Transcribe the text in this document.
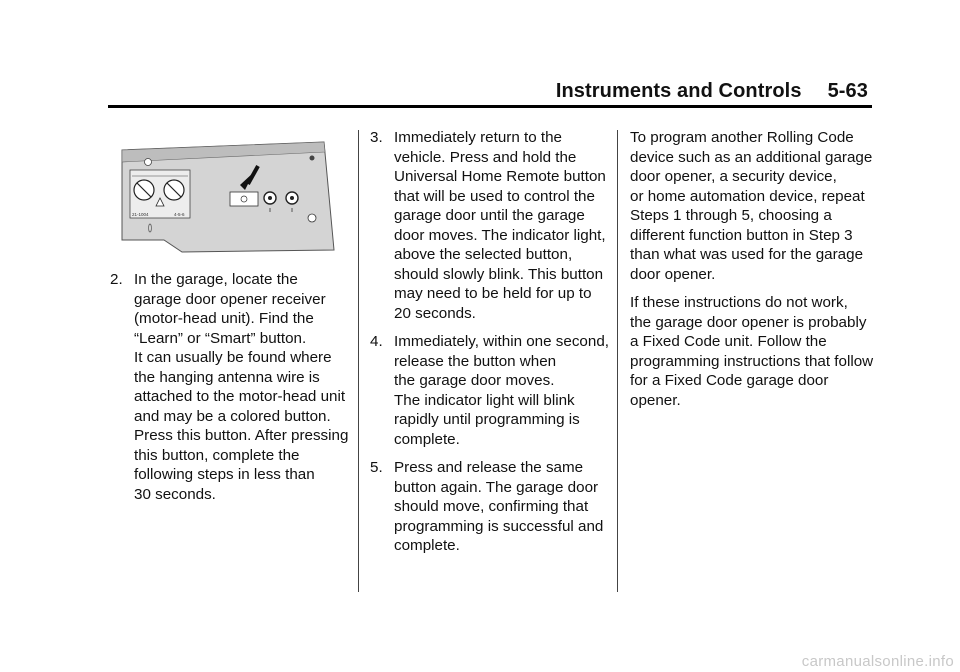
Instruments and Controls 5-63
21-1004	4-5-6
2. In the garage, locate the
garage door opener receiver
(motor-head unit). Find the
“Learn” or “Smart” button.
It can usually be found where
the hanging antenna wire is
attached to the motor-head unit
and may be a colored button.
Press this button. After pressing
this button, complete the
following steps in less than
30 seconds.
3. Immediately return to the
vehicle. Press and hold the
Universal Home Remote button
that will be used to control the
garage door until the garage
door moves. The indicator light,
above the selected button,
should slowly blink. This button
may need to be held for up to
20 seconds.
4. Immediately, within one second,
release the button when
the garage door moves.
The indicator light will blink
rapidly until programming is
complete.
5. Press and release the same
button again. The garage door
should move, confirming that
programming is successful and
complete.

To program another Rolling Code
device such as an additional garage
door opener, a security device,
or home automation device, repeat
Steps 1 through 5, choosing a
different function button in Step 3
than what was used for the garage
door opener.

If these instructions do not work,
the garage door opener is probably
a Fixed Code unit. Follow the
programming instructions that follow
for a Fixed Code garage door
opener.

carmanualsonline.info
